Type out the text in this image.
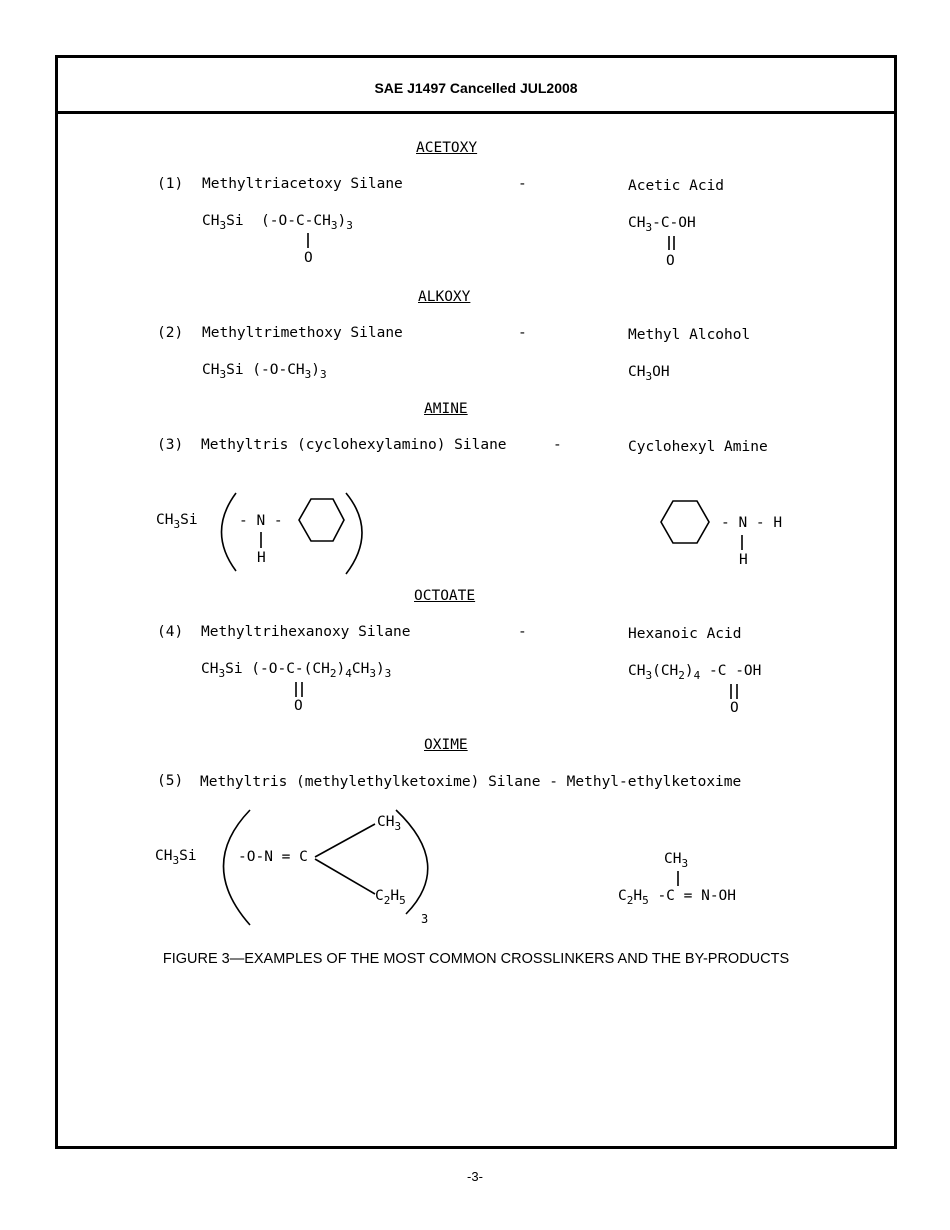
SAE J1497 Cancelled JUL2008
ACETOXY
(1) Methyltriacetoxy Silane	-	Acetic Acid
$CH_3Si$ $(-O-C-CH_3)_3$
O
$CH_3-C-OH$
O
ALKOXY
(2) Methyltrimethoxy Silane	-	Methyl Alcohol
$CH_3Si$ $(-O-CH_3)_3$	$CH_3OH$
AMINE
(3) Methyltris (cyclohexylamino) Silane	-	Cyclohexyl Amine
$CH_3Si$	- N -
H
- N - H
H
OCTOATE
(4) Methyltrihexanoxy Silane	-	Hexanoic Acid
$CH_3Si$ $(-O-C-(CH_2)_4CH_3)_3$
O
$CH_3(CH_2)_4$ -C -OH
O
OXIME
(5) Methyltris (methylethylketoxime) Silane - Methyl-ethylketoxime
$CH_3Si$	-O-N = C
$CH_3$
$C_2H_5$
3
$CH_3$
$C_2H_5$ -C = N-OH
FIGURE 3—EXAMPLES OF THE MOST COMMON CROSSLINKERS AND THE BY-PRODUCTS
-3-
